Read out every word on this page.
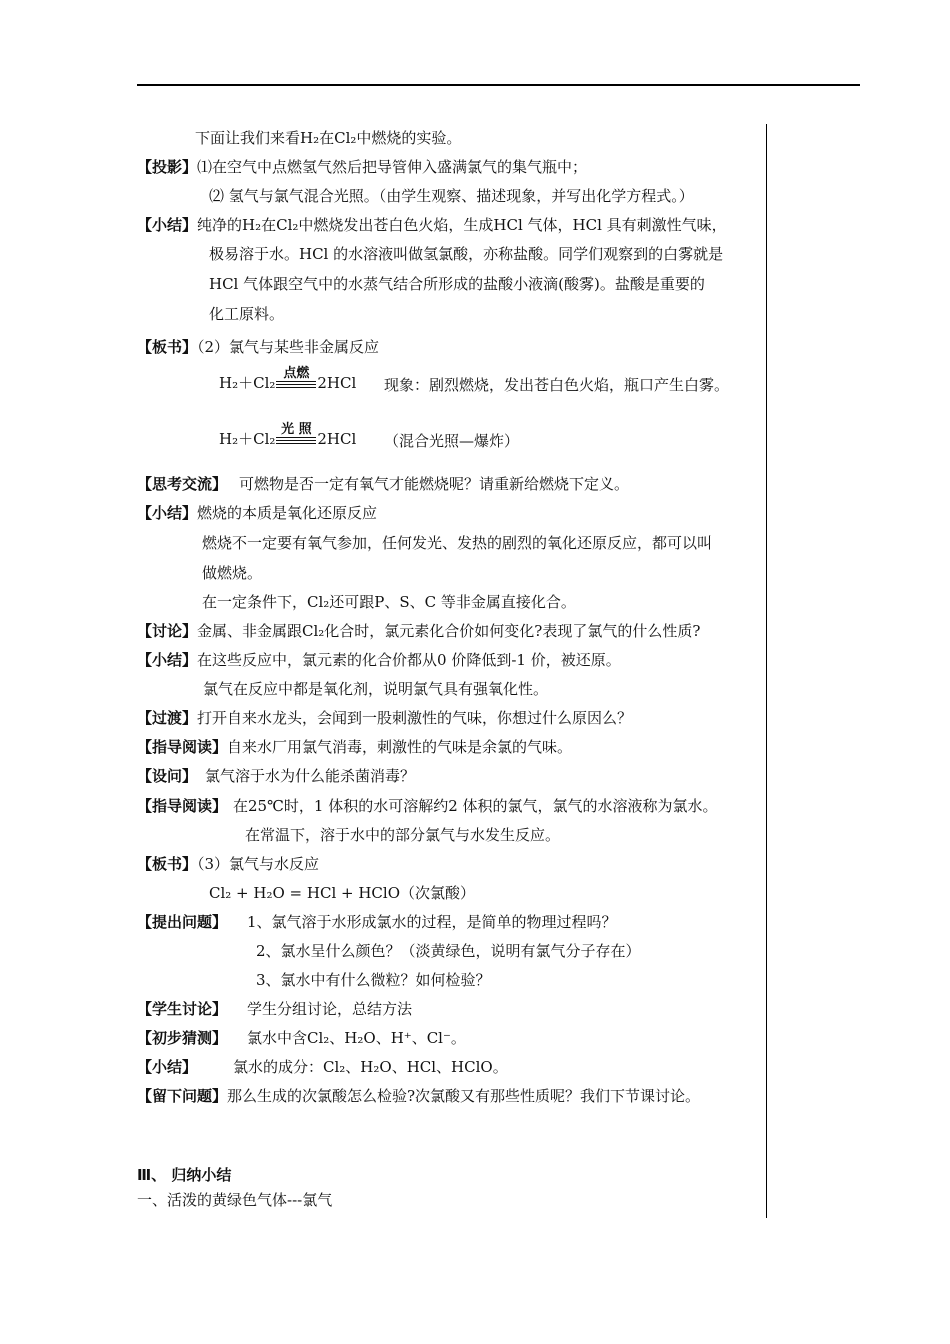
下面让我们来看H₂在Cl₂中燃烧的实验。
【投影】⑴在空气中点燃氢气然后把导管伸入盛满氯气的集气瓶中；
⑵ 氢气与氯气混合光照。（由学生观察、描述现象，并写出化学方程式。）
【小结】纯净的H₂在Cl₂中燃烧发出苍白色火焰，生成HCl 气体，HCl 具有刺激性气味，
极易溶于水。HCl 的水溶液叫做氢氯酸，亦称盐酸。同学们观察到的白雾就是
HCl 气体跟空气中的水蒸气结合所形成的盐酸小液滴(酸雾)。盐酸是重要的
化工原料。
【板书】（2）氯气与某些非金属反应
H₂＋Cl₂
点燃
2HCl 现象：剧烈燃烧，发出苍白色火焰，瓶口产生白雾。
H₂＋Cl₂
光 照
2HCl （混合光照—爆炸）
【思考交流】 可燃物是否一定有氧气才能燃烧呢？请重新给燃烧下定义。
【小结】燃烧的本质是氧化还原反应
燃烧不一定要有氧气参加，任何发光、发热的剧烈的氧化还原反应，都可以叫
做燃烧。
在一定条件下，Cl₂还可跟P、S、C 等非金属直接化合。
【讨论】金属、非金属跟Cl₂化合时，氯元素化合价如何变化?表现了氯气的什么性质?
【小结】在这些反应中，氯元素的化合价都从0 价降低到-1 价，被还原。
氯气在反应中都是氧化剂，说明氯气具有强氧化性。
【过渡】打开自来水龙头，会闻到一股刺激性的气味，你想过什么原因么？
【指导阅读】自来水厂用氯气消毒，刺激性的气味是余氯的气味。
【设问】 氯气溶于水为什么能杀菌消毒？
【指导阅读】 在25℃时，1 体积的水可溶解约2 体积的氯气，氯气的水溶液称为氯水。
在常温下，溶于水中的部分氯气与水发生反应。
【板书】（3）氯气与水反应
Cl₂ + H₂O = HCl + HClO（次氯酸）
【提出问题】 1、氯气溶于水形成氯水的过程，是简单的物理过程吗？
2、氯水呈什么颜色？（淡黄绿色，说明有氯气分子存在）
3、氯水中有什么微粒？如何检验？
【学生讨论】 学生分组讨论，总结方法
【初步猜测】 氯水中含Cl₂、H₂O、H⁺、Cl⁻。
【小结】 氯水的成分：Cl₂、H₂O、HCl、HClO。
【留下问题】那么生成的次氯酸怎么检验?次氯酸又有那些性质呢？我们下节课讨论。
Ⅲ、 归纳小结
一、活泼的黄绿色气体---氯气
